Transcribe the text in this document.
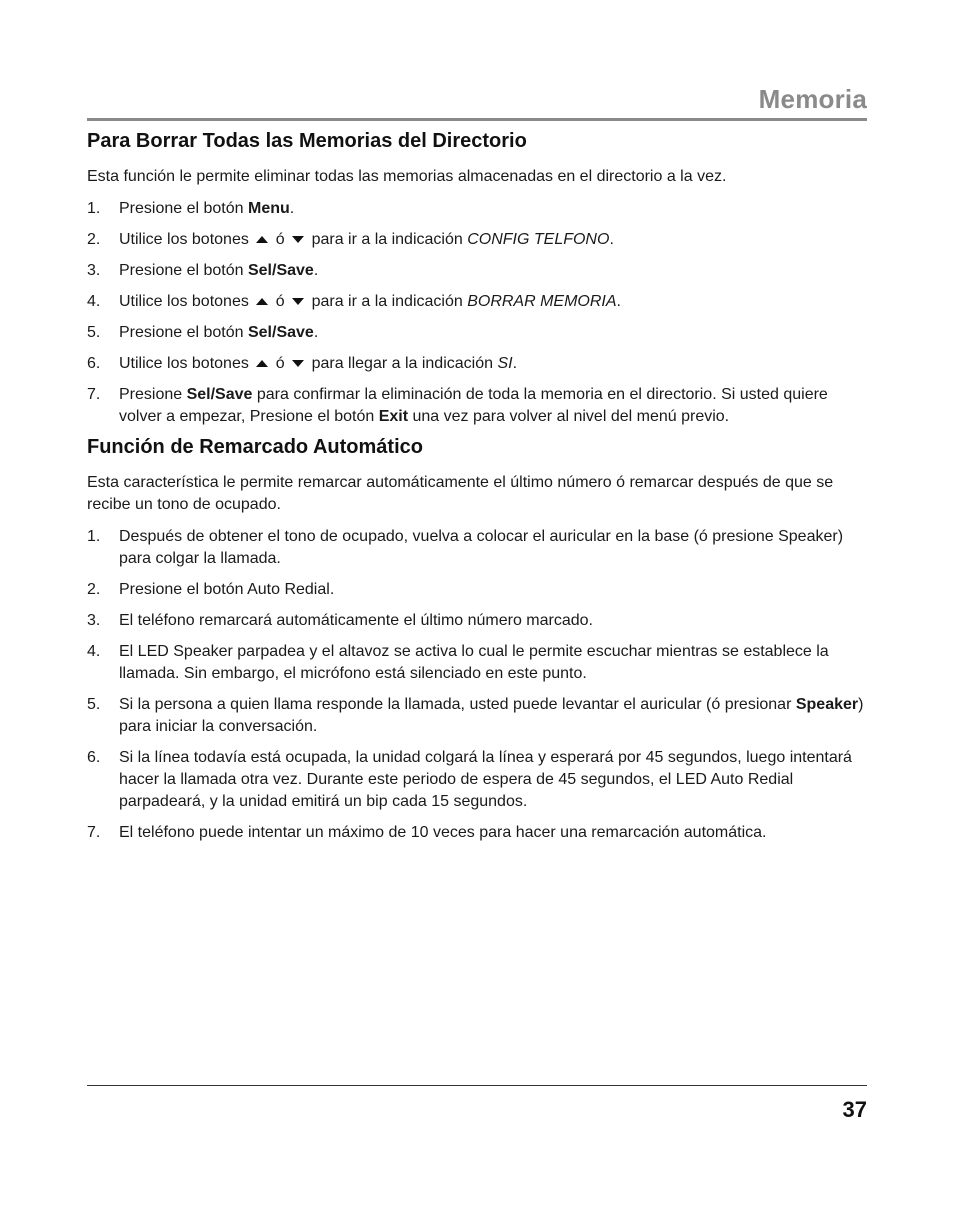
Memoria
Para Borrar Todas las Memorias del Directorio

Esta función le permite eliminar todas las memorias almacenadas en el directorio a la vez.

1. Presione el botón Menu.
2. Utilice los botones ó para ir a la indicación CONFIG TELFONO.
3. Presione el botón Sel/Save.
4. Utilice los botones ó para ir a la indicación BORRAR MEMORIA.
5. Presione el botón Sel/Save.
6. Utilice los botones ó para llegar a la indicación SI.
7. Presione Sel/Save para confirmar la eliminación de toda la memoria en el directorio. Si usted quiere volver a empezar, Presione el botón Exit una vez para volver al nivel del menú previo.
Función de Remarcado Automático

Esta característica le permite remarcar automáticamente el último número ó remarcar después de que se recibe un tono de ocupado.

1. Después de obtener el tono de ocupado, vuelva a colocar el auricular en la base (ó presione Speaker) para colgar la llamada.
2. Presione el botón Auto Redial.
3. El teléfono remarcará automáticamente el último número marcado.
4. El LED Speaker parpadea y el altavoz se activa lo cual le permite escuchar mientras se establece la llamada. Sin embargo, el micrófono está silenciado en este punto.
5. Si la persona a quien llama responde la llamada, usted puede levantar el auricular (ó presionar Speaker) para iniciar la conversación.
6. Si la línea todavía está ocupada, la unidad colgará la línea y esperará por 45 segundos, luego intentará hacer la llamada otra vez. Durante este periodo de espera de 45 segundos, el LED Auto Redial parpadeará, y la unidad emitirá un bip cada 15 segundos.
7. El teléfono puede intentar un máximo de 10 veces para hacer una remarcación automática.
37
